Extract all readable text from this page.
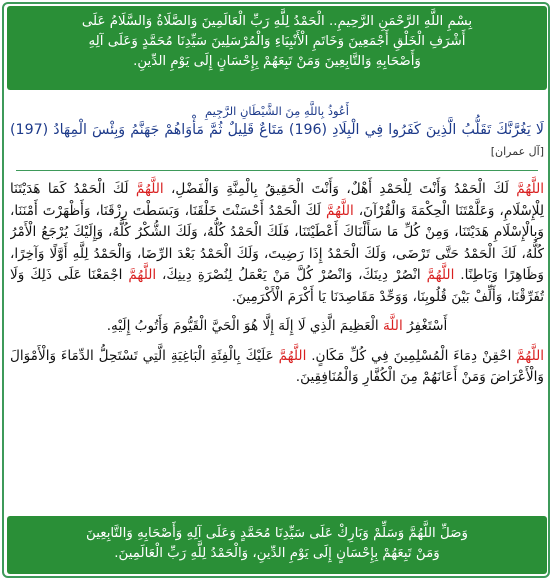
بِسْمِ اللَّهِ الرَّحْمَنِ الرَّحِيمِ.. الْحَمْدُ لِلَّهِ رَبِّ الْعَالَمِينَ وَالصَّلَاةُ وَالسَّلَامُ عَلَى

أَشْرَفِ الْخَلْقِ أَجْمَعِينَ وَخَاتَمِ الْأَنْبِيَاءِ وَالْمُرْسَلِينَ سَيِّدِنَا مُحَمَّدٍ وَعَلَى آلِهِ

وَأَصْحَابِهِ وَالتَّابِعِينَ وَمَنْ تَبِعَهُمْ بِإِحْسَانٍ إِلَى يَوْمِ الدِّينِ.

أَعُوذُ بِاللَّهِ مِنَ الشَّيْطَانِ الرَّجِيمِ

لَا يَغُرَّنَّكَ تَقَلُّبُ الَّذِينَ كَفَرُوا فِي الْبِلَادِ (196) مَتَاعٌ قَلِيلٌ ثُمَّ مَأْوَاهُمْ جَهَنَّمُ وَبِئْسَ الْمِهَادُ (197) [آل عمران]

اللَّهُمَّ لَكَ الْحَمْدُ وَأَنْتَ لِلْحَمْدِ أَهْلٌ، وَأَنْتَ الْحَقِيقُ بِالْمِنَّةِ وَالْفَضْلِ، اللَّهُمَّ لَكَ الْحَمْدُ كَمَا هَدَيْتَنَا لِلْإِسْلَامِ، وَعَلَّمْتَنَا الْحِكْمَةَ وَالْقُرْآنَ، اللَّهُمَّ لَكَ الْحَمْدُ أَحْسَنْتَ خَلْقَنَا، وَبَسَطْتَ رِزْقَنَا، وَأَظْهَرْتَ أَمْنَنَا، وَبِالْإِسْلَامِ هَدَيْتَنَا، وَمِنْ كُلِّ مَا سَأَلْنَاكَ أَعْطَيْتَنَا، فَلَكَ الْحَمْدُ كُلُّهُ، وَلَكَ الشُّكْرُ كُلُّهُ، وَإِلَيْكَ يُرْجَعُ الْأَمْرُ كُلُّهُ، لَكَ الْحَمْدُ حَتَّى تَرْضَى، وَلَكَ الْحَمْدُ إِذَا رَضِيتَ، وَلَكَ الْحَمْدُ بَعْدَ الرِّضَا، وَالْحَمْدُ لِلَّهِ أَوَّلًا وَآخِرًا، وَظَاهِرًا وَبَاطِنًا. اللَّهُمَّ انْصُرْ دِينَكَ، وَانْصُرْ كُلَّ مَنْ يَعْمَلُ لِنُصْرَةِ دِينِكَ، اللَّهُمَّ اجْمَعْنَا عَلَى ذَلِكَ وَلَا تُفَرِّقْنَا، وَأَلِّفْ بَيْنَ قُلُوبِنَا، وَوَحِّدْ مَقَاصِدَنَا يَا أَكْرَمَ الْأَكْرَمِينَ.

أَسْتَغْفِرُ اللَّهَ الْعَظِيمَ الَّذِي لَا إِلَهَ إِلَّا هُوَ الْحَيَّ الْقَيُّومَ وَأَتُوبُ إِلَيْهِ.

اللَّهُمَّ احْقِنْ دِمَاءَ الْمُسْلِمِينَ فِي كُلِّ مَكَانٍ. اللَّهُمَّ عَلَيْكَ بِالْفِئَةِ الْبَاغِيَةِ الَّتِي تَسْتَحِلُّ الدِّمَاءَ وَالْأَمْوَالَ وَالْأَعْرَاضَ وَمَنْ أَعَانَهُمْ مِنَ الْكُفَّارِ وَالْمُنَافِقِينَ.

وَصَلِّ اللَّهُمَّ وَسَلِّمْ وَبَارِكْ عَلَى سَيِّدِنَا مُحَمَّدٍ وَعَلَى آلِهِ وَأَصْحَابِهِ وَالتَّابِعِينَ

وَمَنْ تَبِعَهُمْ بِإِحْسَانٍ إِلَى يَوْمِ الدِّينِ، وَالْحَمْدُ لِلَّهِ رَبِّ الْعَالَمِينَ.
